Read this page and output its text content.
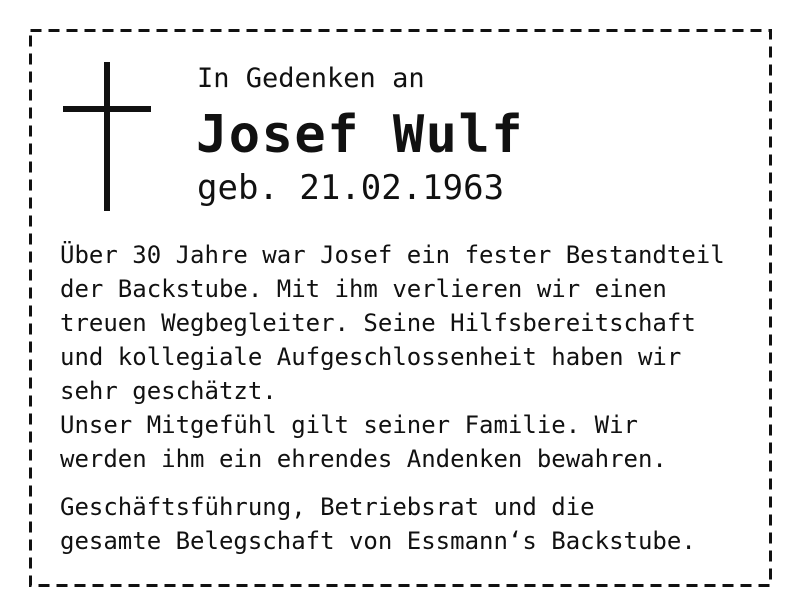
In Gedenken an
Josef Wulf
geb. 21.02.1963
Über 30 Jahre war Josef ein fester Bestandteil
der Backstube. Mit ihm verlieren wir einen
treuen Wegbegleiter. Seine Hilfsbereitschaft
und kollegiale Aufgeschlossenheit haben wir
sehr geschätzt.
Unser Mitgefühl gilt seiner Familie. Wir
werden ihm ein ehrendes Andenken bewahren.
Geschäftsführung, Betriebsrat und die
gesamte Belegschaft von Essmann‘s Backstube.
